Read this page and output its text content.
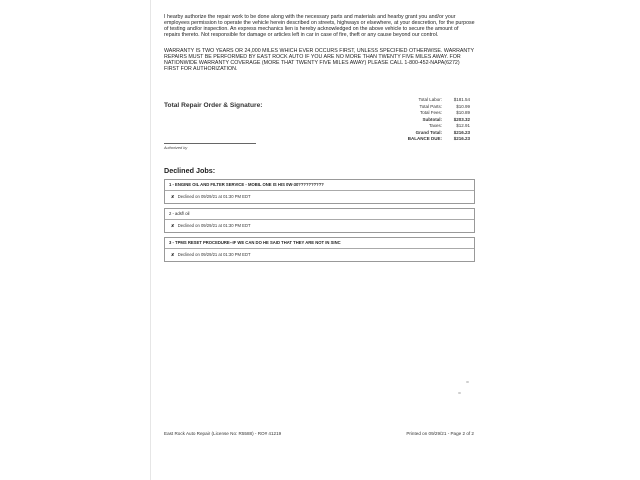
I hearby authorize the repair work to be done along with the necessary parts and materials and hearby grant you and/or your employees permission to operate the vehicle herein described on streets, highways or elsewhere, at your descretion, for the purpose of testing and/or inspection. An express mechanics lien is hereby acknowledged on the above vehicle to secure the amount of repairs thereto. Not responsible for damage or articles left in car in case of fire, theft or any cause beyond our control.
WARRANTY IS TWO YEARS OR 24,000 MILES WHICH EVER OCCURS FIRST, UNLESS SPECIFIED OTHERWISE. WARRANTY REPAIRS MUST BE PERFORMED BY EAST ROCK AUTO IF YOU ARE NO MORE THAN TWENTY FIVE MILES AWAY. FOR NATIONWIDE WARRANTY COVERAGE (MORE THAT TWENTY FIVE MILES AWAY) PLEASE CALL 1-800-452-NAPA(6272) FIRST FOR AUTHORIZATION.
Total Repair Order & Signature:
Authorized by
Total Labor:	$181.54
Total Parts:	$10.99
Total Fees:	$10.89
Subtotal:	$203.32
Taxes:	$12.91
Grand Total:	$216.23
BALANCE DUE:	$216.23
Declined Jobs:
1 - ENGINE OIL AND FILTER SERVICE - MOBIL ONE IS HIS 0W-30??????????
✘ Declined on 09/29/21 at 01:30 PM EDT
2 - adsf\ oil
✘ Declined on 09/29/21 at 01:30 PM EDT
3 - TPMS RESET PROCEDURE--IF WE CAN DO HE SAID THAT THEY ARE NOT IN SINC
✘ Declined on 09/29/21 at 01:30 PM EDT
East Rock Auto Repair (License No: R5588) - RO# 41219	Printed on 09/29/21 - Page 2 of 2
